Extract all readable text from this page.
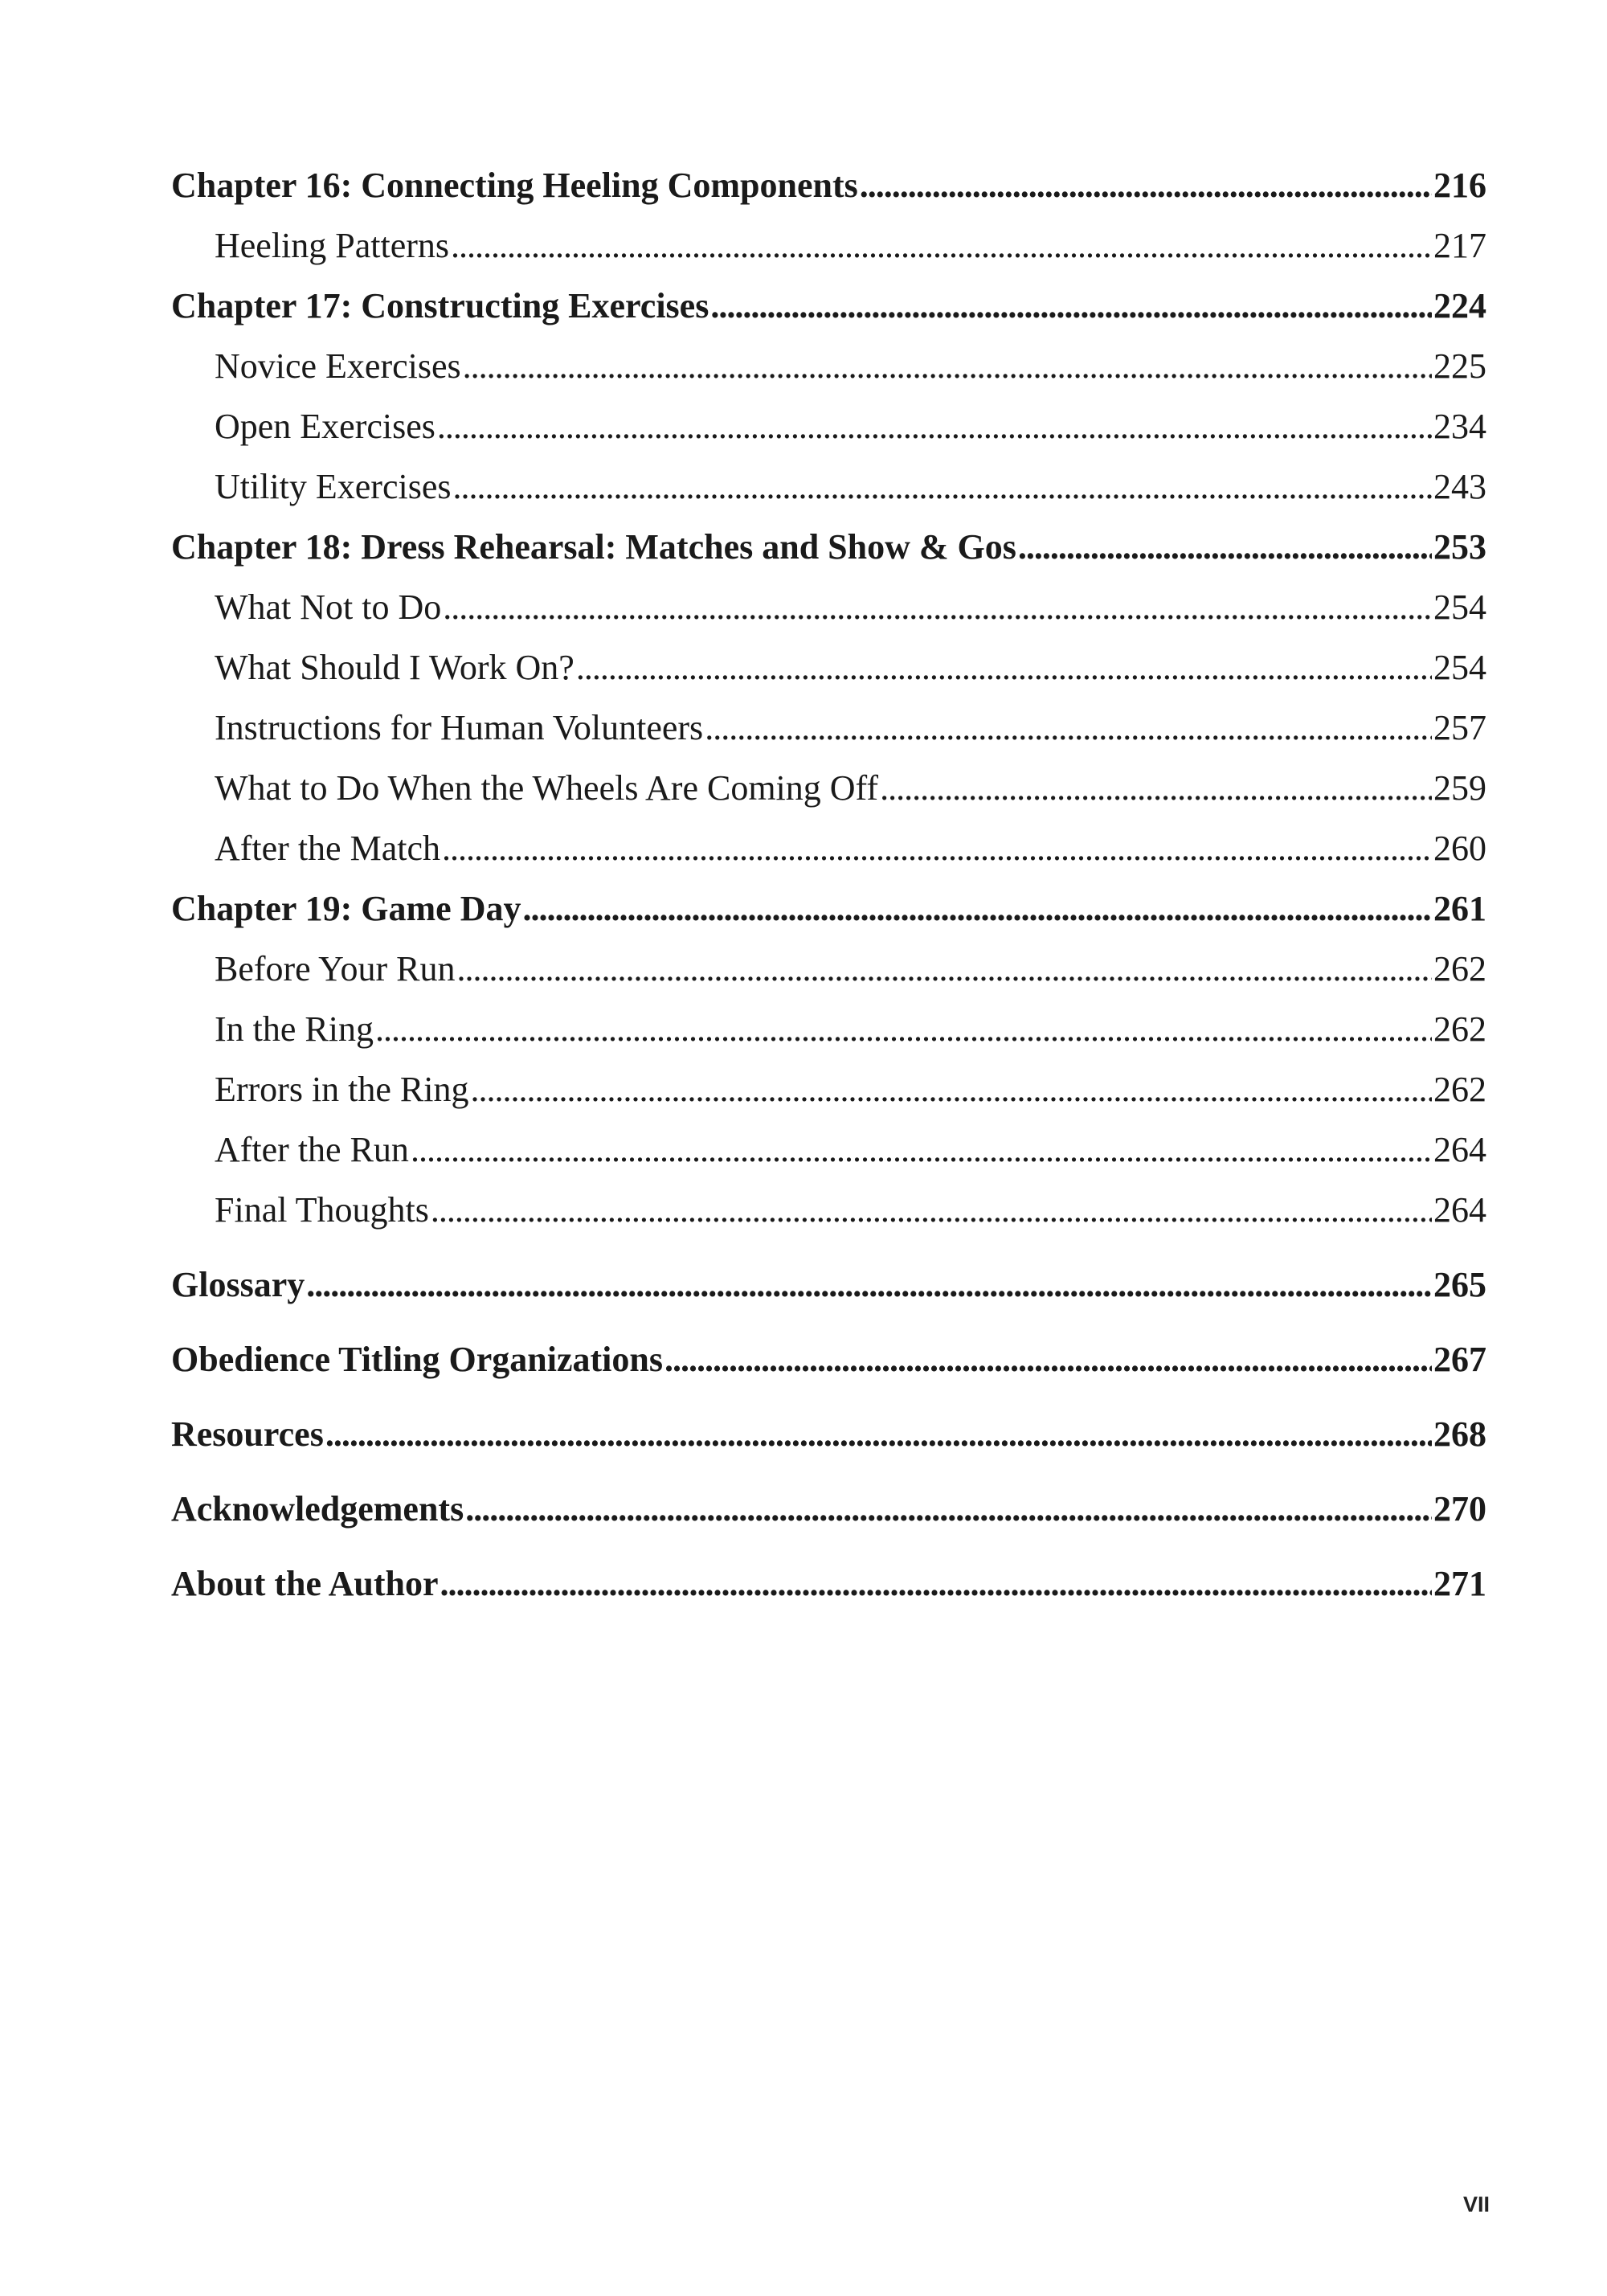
Chapter 16: Connecting Heeling Components . . .	216
Heeling Patterns . . .	217
Chapter 17: Constructing Exercises . . .	224
Novice Exercises . . .	225
Open Exercises . . .	234
Utility Exercises . . .	243
Chapter 18: Dress Rehearsal: Matches and Show & Gos . . .	253
What Not to Do . . .	254
What Should I Work On? . . .	254
Instructions for Human Volunteers . . .	257
What to Do When the Wheels Are Coming Off . . .	259
After the Match . . .	260
Chapter 19: Game Day . . .	261
Before Your Run . . .	262
In the Ring . . .	262
Errors in the Ring . . .	262
After the Run . . .	264
Final Thoughts . . .	264
Glossary . . .	265
Obedience Titling Organizations . . .	267
Resources . . .	268
Acknowledgements . . .	270
About the Author . . .	271
VII
